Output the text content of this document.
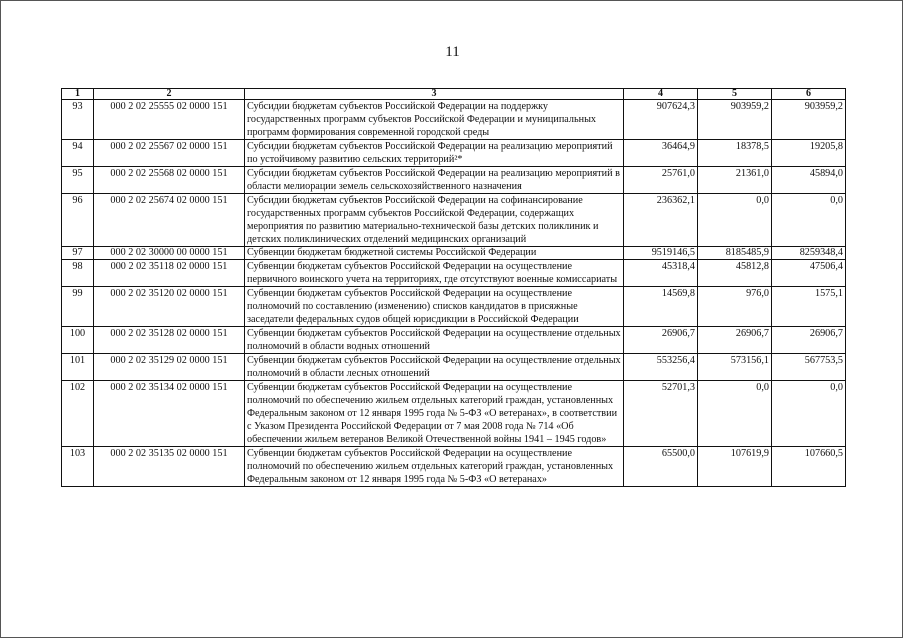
11
1	2	3	4	5	6
93	000 2 02 25555 02 0000 151	Субсидии бюджетам субъектов Российской Федерации на поддержку государственных программ субъектов Российской Федерации и муниципальных программ формирования современной городской среды	907624,3	903959,2	903959,2
94	000 2 02 25567 02 0000 151	Субсидии бюджетам субъектов Российской Федерации на реализацию мероприятий по устойчивому развитию сельских территорий²*	36464,9	18378,5	19205,8
95	000 2 02 25568 02 0000 151	Субсидии бюджетам субъектов Российской Федерации на реализацию мероприятий в области мелиорации земель сельскохозяйственного назначения	25761,0	21361,0	45894,0
96	000 2 02 25674 02 0000 151	Субсидии бюджетам субъектов Российской Федерации на софинансирование государственных программ субъектов Российской Федерации, содержащих мероприятия по развитию материально-технической базы детских поликлиник и детских поликлинических отделений медицинских организаций	236362,1	0,0	0,0
97	000 2 02 30000 00 0000 151	Субвенции бюджетам бюджетной системы Российской Федерации	9519146,5	8185485,9	8259348,4
98	000 2 02 35118 02 0000 151	Субвенции бюджетам субъектов Российской Федерации на осуществление первичного воинского учета на территориях, где отсутствуют военные комиссариаты	45318,4	45812,8	47506,4
99	000 2 02 35120 02 0000 151	Субвенции бюджетам субъектов Российской Федерации на осуществление полномочий по составлению (изменению) списков кандидатов в присяжные заседатели федеральных судов общей юрисдикции в Российской Федерации	14569,8	976,0	1575,1
100	000 2 02 35128 02 0000 151	Субвенции бюджетам субъектов Российской Федерации на осуществление отдельных полномочий в области водных отношений	26906,7	26906,7	26906,7
101	000 2 02 35129 02 0000 151	Субвенции бюджетам субъектов Российской Федерации на осуществление отдельных полномочий в области лесных отношений	553256,4	573156,1	567753,5
102	000 2 02 35134 02 0000 151	Субвенции бюджетам субъектов Российской Федерации на осуществление полномочий по обеспечению жильем отдельных категорий граждан, установленных Федеральным законом от 12 января 1995 года № 5-ФЗ «О ветеранах», в соответствии с Указом Президента Российской Федерации от 7 мая 2008 года № 714 «Об обеспечении жильем ветеранов Великой Отечественной войны 1941 – 1945 годов»	52701,3	0,0	0,0
103	000 2 02 35135 02 0000 151	Субвенции бюджетам субъектов Российской Федерации на осуществление полномочий по обеспечению жильем отдельных категорий граждан, установленных Федеральным законом от 12 января 1995 года № 5-ФЗ «О ветеранах»	65500,0	107619,9	107660,5
